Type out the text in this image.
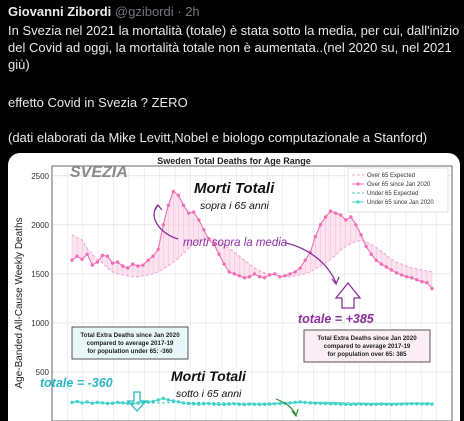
Giovanni Zibordi @gzibordi · 2h
In Svezia nel 2021 la mortalità (totale) è stata sotto la media, per cui, dall'inizio del Covid ad oggi, la mortalità totale non è aumentata..(nel 2020 su, nel 2021 giù)
effetto Covid in Svezia ? ZERO
(dati elaborati da Mike Levitt,Nobel e biologo computazionale a Stanford)
Sweden Total Deaths for Age Range
Age-Banded All-Cause Weekly Deaths 500
1000
1500
2000
2500	Over 65 Expected
Over 65 since Jan 2020
Under 65 Expected
Under 65 since Jan 2020
Total Extra Deaths since Jan 2020
compared to average 2017-19
for population under 65: -360
Total Extra Deaths since Jan 2020
compared to average 2017-19
for population over 65: 385
SVEZIA
Morti Totali
sopra i 65 anni
morti sopra la media
totale = +385
totale = -360	Morti Totali
sotto i 65 anni
